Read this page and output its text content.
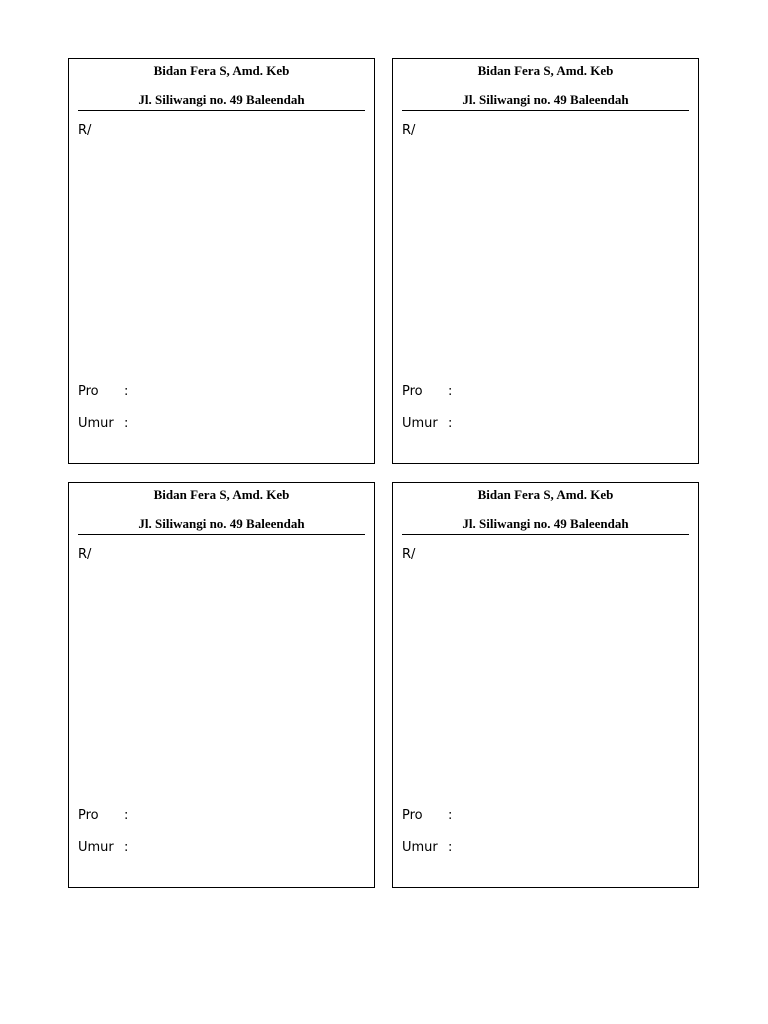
Bidan Fera S, Amd. Keb
Jl. Siliwangi no. 49 Baleendah
R/
Pro :
Umur :
Bidan Fera S, Amd. Keb
Jl. Siliwangi no. 49 Baleendah
R/
Pro :
Umur :
Bidan Fera S, Amd. Keb
Jl. Siliwangi no. 49 Baleendah
R/
Pro :
Umur :
Bidan Fera S, Amd. Keb
Jl. Siliwangi no. 49 Baleendah
R/
Pro :
Umur :
